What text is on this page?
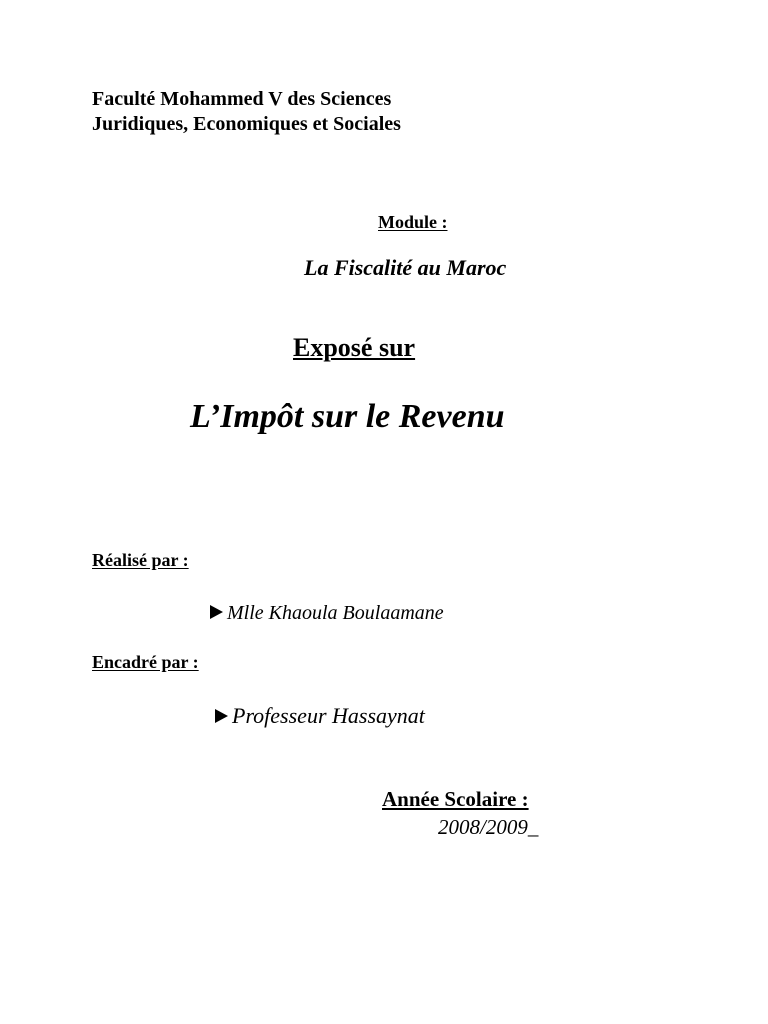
Faculté Mohammed V des Sciences
Juridiques, Economiques et Sociales
Module :
La Fiscalité au Maroc
Exposé sur
L’Impôt sur le Revenu
Réalisé par :
Mlle Khaoula Boulaamane
Encadré par :
Professeur Hassaynat
Année Scolaire :
2008/2009_
